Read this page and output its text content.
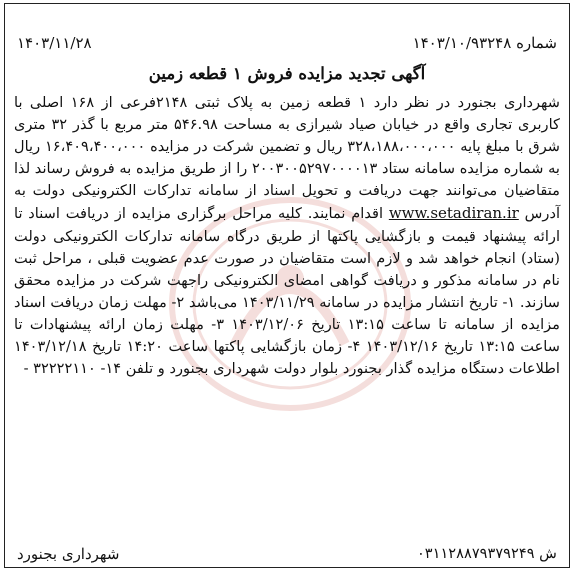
شماره ۱۴۰۳/۱۰/۹۳۲۴۸
۱۴۰۳/۱۱/۲۸
آگهی تجدید مزایده فروش ۱ قطعه زمین
شهرداری بجنورد در نظر دارد ۱ قطعه زمین به پلاک ثبتی ۲۱۴۸فرعی از ۱۶۸ اصلی با کاربری تجاری واقع در خیابان صیاد شیرازی به مساحت ۵۴۶.۹۸ متر مربع با گذر ۳۲ متری شرق با مبلغ پایه ۳۲۸،۱۸۸،۰۰۰،۰۰۰ ریال و تضمین شرکت در مزایده ۱۶،۴۰۹،۴۰۰،۰۰۰ ریال به شماره مزایده سامانه ستاد ۲۰۰۳۰۰۵۲۹۷۰۰۰۰۱۳ را از طریق مزایده به فروش رساند لذا متقاضیان می‌توانند جهت دریافت و تحویل اسناد از سامانه تدارکات الکترونیکی دولت به آدرس www.setadiran.ir اقدام نمایند. کلیه مراحل برگزاری مزایده از دریافت اسناد تا ارائه پیشنهاد قیمت و بازگشایی پاکتها از طریق درگاه سامانه تدارکات الکترونیکی دولت (ستاد) انجام خواهد شد و لازم است متقاضیان در صورت عدم عضویت قبلی ، مراحل ثبت نام در سامانه مذکور و دریافت گواهی امضای الکترونیکی راجهت شرکت در مزایده محقق سازند. ۱- تاریخ انتشار مزایده در سامانه ۱۴۰۳/۱۱/۲۹ می‌باشد ۲- مهلت زمان دریافت اسناد مزایده از سامانه تا ساعت ۱۳:۱۵ تاریخ ۱۴۰۳/۱۲/۰۶ ۳- مهلت زمان ارائه پیشنهادات تا ساعت ۱۳:۱۵ تاریخ ۱۴۰۳/۱۲/۱۶ ۴- زمان بازگشایی پاکتها ساعت ۱۴:۲۰ تاریخ ۱۴۰۳/۱۲/۱۸ اطلاعات دستگاه مزایده گذار بجنورد بلوار دولت شهرداری بجنورد و تلفن ۱۴- ۳۲۲۲۲۱۱۰ -
ش ۰۳۱۱۲۸۸۷۹۳۷۹۲۴۹
شهرداری بجنورد
